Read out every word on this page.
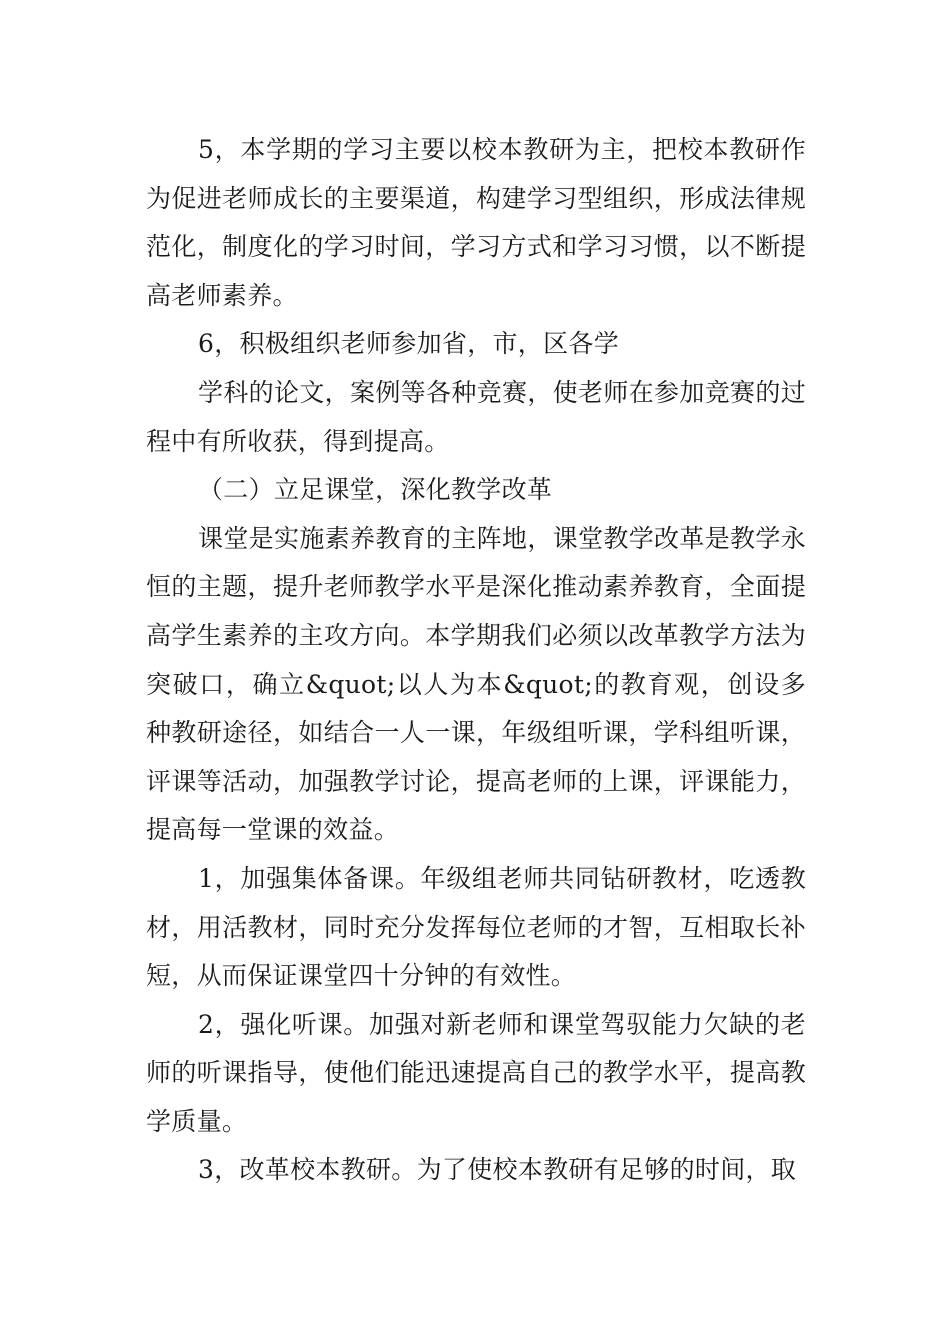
5，本学期的学习主要以校本教研为主，把校本教研作为促进老师成长的主要渠道，构建学习型组织，形成法律规范化，制度化的学习时间，学习方式和学习习惯，以不断提高老师素养。

6，积极组织老师参加省，市，区各学

学科的论文，案例等各种竞赛，使老师在参加竞赛的过程中有所收获，得到提高。

（二）立足课堂，深化教学改革

课堂是实施素养教育的主阵地，课堂教学改革是教学永恒的主题，提升老师教学水平是深化推动素养教育，全面提高学生素养的主攻方向。本学期我们必须以改革教学方法为突破口，确立&quot;以人为本&quot;的教育观，创设多种教研途径，如结合一人一课，年级组听课，学科组听课，评课等活动，加强教学讨论，提高老师的上课，评课能力，提高每一堂课的效益。

1，加强集体备课。年级组老师共同钻研教材，吃透教材，用活教材，同时充分发挥每位老师的才智，互相取长补短，从而保证课堂四十分钟的有效性。

2，强化听课。加强对新老师和课堂驾驭能力欠缺的老师的听课指导，使他们能迅速提高自己的教学水平，提高教学质量。

3，改革校本教研。为了使校本教研有足够的时间，取
